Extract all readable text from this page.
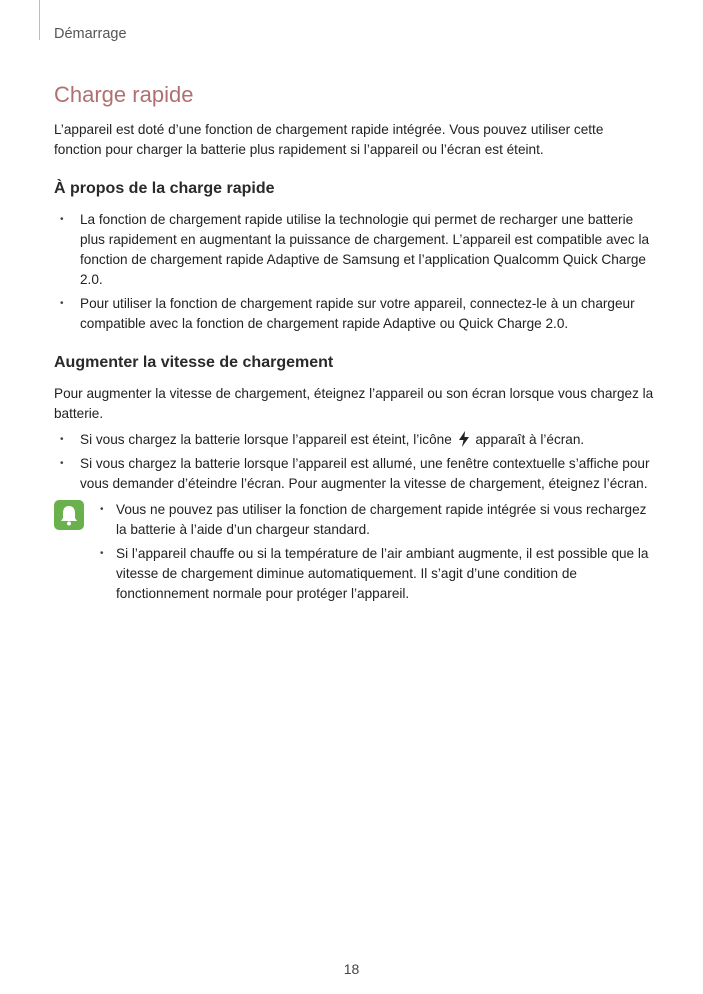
Démarrage
Charge rapide

L’appareil est doté d’une fonction de chargement rapide intégrée. Vous pouvez utiliser cette fonction pour charger la batterie plus rapidement si l’appareil ou l’écran est éteint.

À propos de la charge rapide
• La fonction de chargement rapide utilise la technologie qui permet de recharger une batterie plus rapidement en augmentant la puissance de chargement. L’appareil est compatible avec la fonction de chargement rapide Adaptive de Samsung et l’application Qualcomm Quick Charge 2.0.
• Pour utiliser la fonction de chargement rapide sur votre appareil, connectez-le à un chargeur compatible avec la fonction de chargement rapide Adaptive ou Quick Charge 2.0.
Augmenter la vitesse de chargement

Pour augmenter la vitesse de chargement, éteignez l’appareil ou son écran lorsque vous chargez la batterie.

• Si vous chargez la batterie lorsque l’appareil est éteint, l’icône apparaît à l’écran.
• Si vous chargez la batterie lorsque l’appareil est allumé, une fenêtre contextuelle s’affiche pour vous demander d’éteindre l’écran. Pour augmenter la vitesse de chargement, éteignez l’écran.
• Vous ne pouvez pas utiliser la fonction de chargement rapide intégrée si vous rechargez la batterie à l’aide d’un chargeur standard.
• Si l’appareil chauffe ou si la température de l’air ambiant augmente, il est possible que la vitesse de chargement diminue automatiquement. Il s’agit d’une condition de fonctionnement normale pour protéger l’appareil.
18
